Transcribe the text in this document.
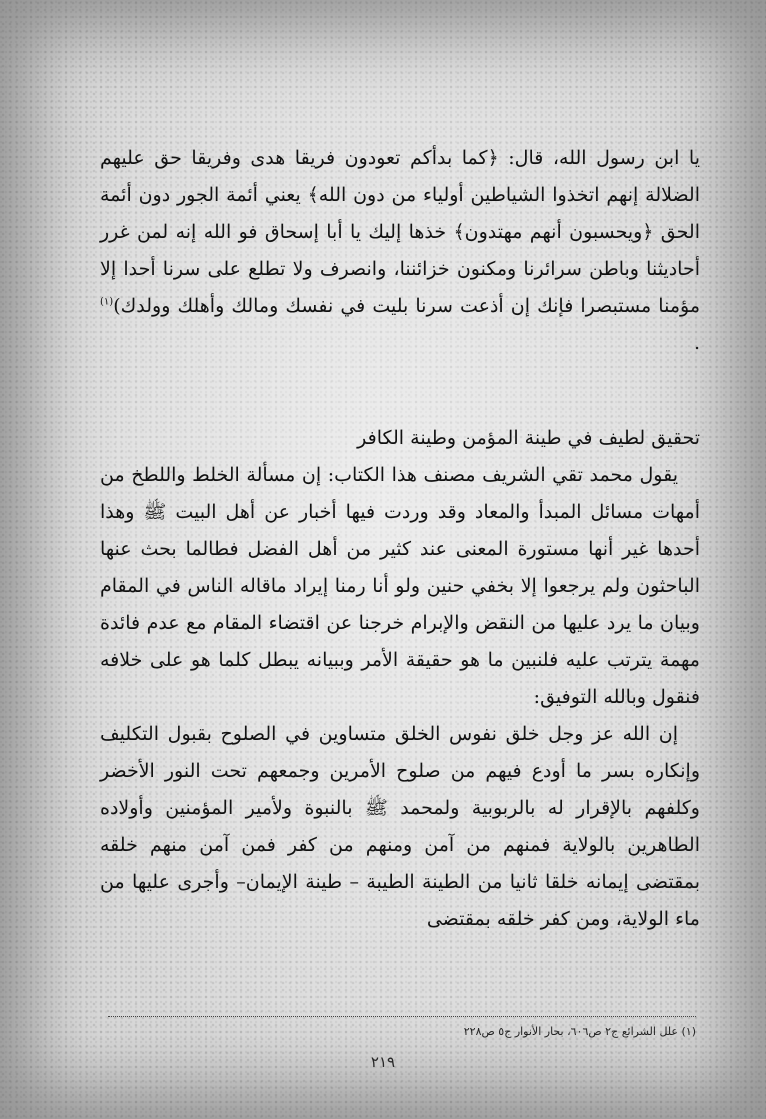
يا ابن رسول الله، قال: ﴿كما بدأكم تعودون فريقا هدى وفريقا حق عليهم الضلالة إنهم اتخذوا الشياطين أولياء من دون الله﴾ يعني أئمة الجور دون أئمة الحق ﴿ويحسبون أنهم مهتدون﴾ خذها إليك يا أبا إسحاق فو الله إنه لمن غرر أحاديثنا وباطن سرائرنا ومكنون خزائننا، وانصرف ولا تطلع على سرنا أحدا إلا مؤمنا مستبصرا فإنك إن أذعت سرنا بليت في نفسك ومالك وأهلك وولدك)$^{(١)}$ .

تحقيق لطيف في طينة المؤمن وطينة الكافر

يقول محمد تقي الشريف مصنف هذا الكتاب: إن مسألة الخلط واللطخ من أمهات مسائل المبدأ والمعاد وقد وردت فيها أخبار عن أهل البيت ﷺ وهذا أحدها غير أنها مستورة المعنى عند كثير من أهل الفضل فطالما بحث عنها الباحثون ولم يرجعوا إلا بخفي حنين ولو أنا رمنا إيراد ماقاله الناس في المقام وبيان ما يرد عليها من النقض والإبرام خرجنا عن اقتضاء المقام مع عدم فائدة مهمة يترتب عليه فلنبين ما هو حقيقة الأمر وببيانه يبطل كلما هو على خلافه فنقول وبالله التوفيق:

إن الله عز وجل خلق نفوس الخلق متساوين في الصلوح بقبول التكليف وإنكاره بسر ما أودع فيهم من صلوح الأمرين وجمعهم تحت النور الأخضر وكلفهم بالإقرار له بالربوبية ولمحمد ﷺ بالنبوة ولأمير المؤمنين وأولاده الطاهرين بالولاية فمنهم من آمن ومنهم من كفر فمن آمن منهم خلقه بمقتضى إيمانه خلقا ثانيا من الطينة الطيبة – طينة الإيمان– وأجرى عليها من ماء الولاية، ومن كفر خلقه بمقتضى

(١) علل الشرائع ج٢ ص٦٠٦، بحار الأنوار ج٥ ص٢٢٨
٢١٩
